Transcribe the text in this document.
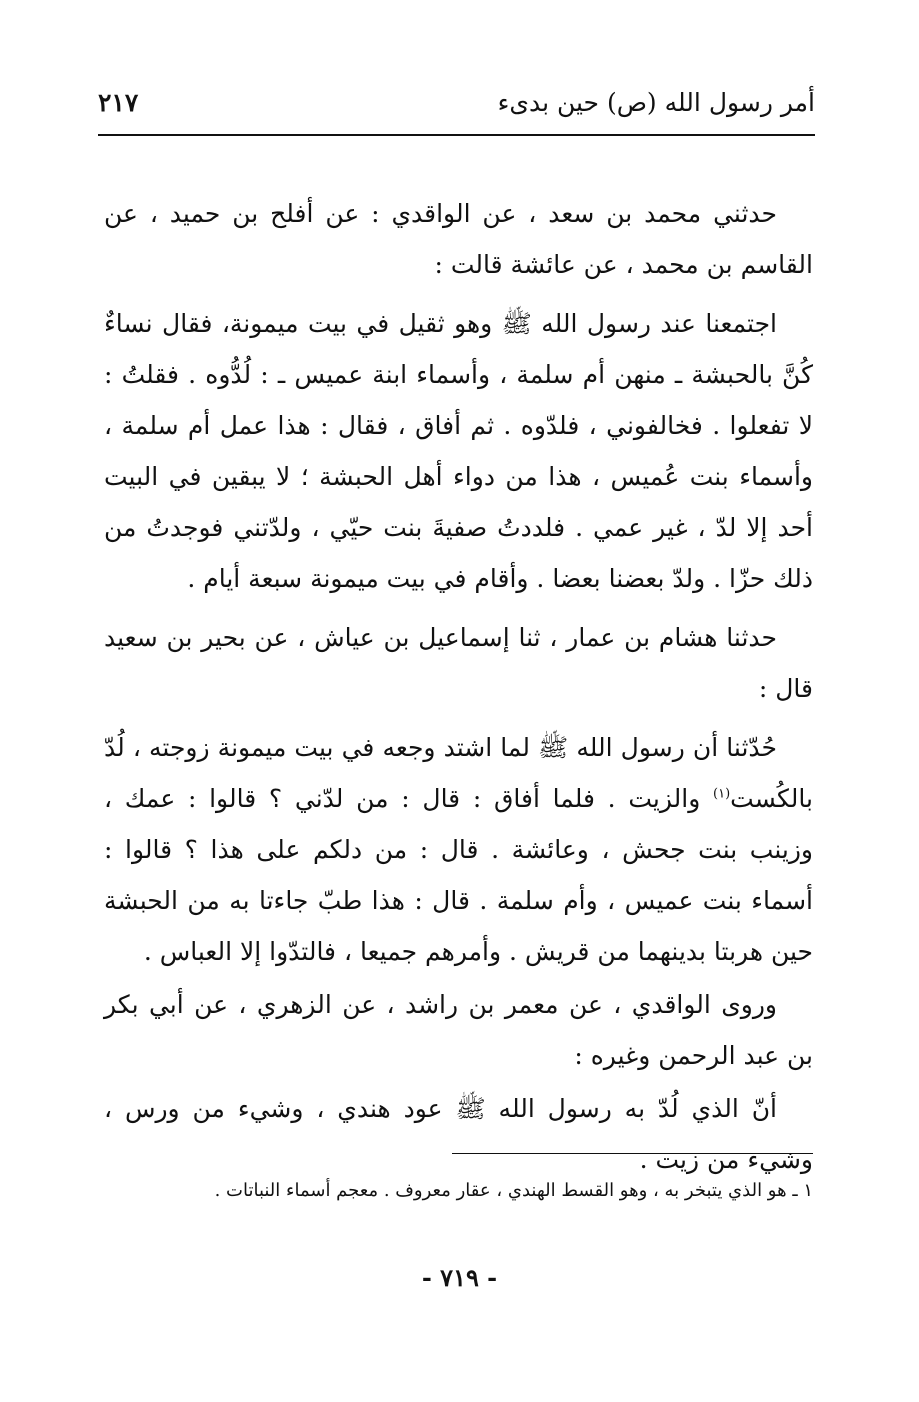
أمر رسول الله (ص) حين بدىء
٢١٧

حدثني محمد بن سعد ، عن الواقدي : عن أفلح بن حميد ، عن القاسم بن محمد ، عن عائشة قالت :

اجتمعنا عند رسول الله ﷺ وهو ثقيل في بيت ميمونة، فقال نساءٌ كُنَّ بالحبشة ـ منهن أم سلمة ، وأسماء ابنة عميس ـ : لُدُّوه . فقلتُ : لا تفعلوا . فخالفوني ، فلدّوه . ثم أفاق ، فقال : هذا عمل أم سلمة ، وأسماء بنت عُميس ، هذا من دواء أهل الحبشة ؛ لا يبقين في البيت أحد إلا لدّ ، غير عمي . فلددتُ صفيةَ بنت حيّي ، ولدّتني فوجدتُ من ذلك حزّا . ولدّ بعضنا بعضا . وأقام في بيت ميمونة سبعة أيام .

حدثنا هشام بن عمار ، ثنا إسماعيل بن عياش ، عن بحير بن سعيد قال :

حُدّثنا أن رسول الله ﷺ لما اشتد وجعه في بيت ميمونة زوجته ، لُدّ بالكُست$^{(١)}$ والزيت . فلما أفاق : قال : من لدّني ؟ قالوا : عمك ، وزينب بنت جحش ، وعائشة . قال : من دلكم على هذا ؟ قالوا : أسماء بنت عميس ، وأم سلمة . قال : هذا طبّ جاءتا به من الحبشة حين هربتا بدينهما من قريش . وأمرهم جميعا ، فالتدّوا إلا العباس .

وروى الواقدي ، عن معمر بن راشد ، عن الزهري ، عن أبي بكر بن عبد الرحمن وغيره :

أنّ الذي لُدّ به رسول الله ﷺ عود هندي ، وشيء من ورس ، وشيء من زيت .

١ ـ هو الذي يتبخر به ، وهو القسط الهندي ، عقار معروف . معجم أسماء النباتات .
- ٧١٩ -
